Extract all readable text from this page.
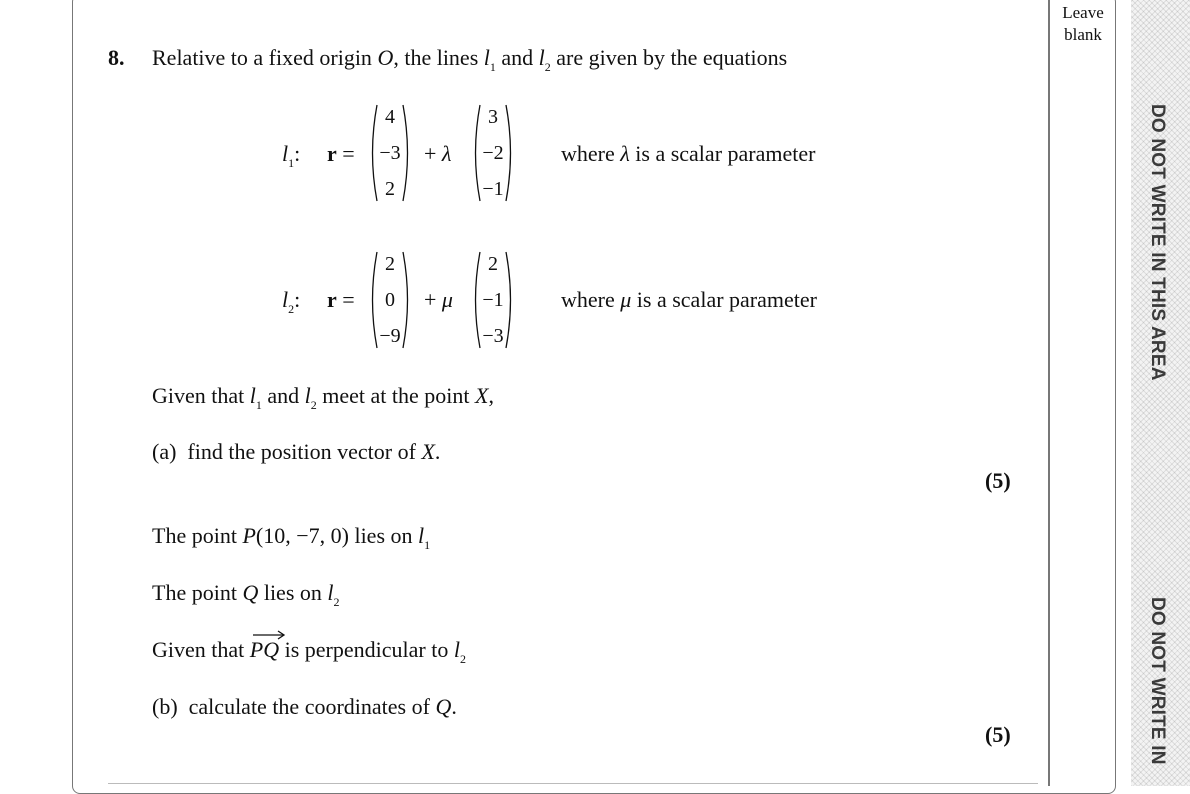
Leave
blank
DO NOT WRITE IN THIS AREA
DO NOT WRITE IN
8. Relative to a fixed origin O, the lines $l_1$ and $l_2$ are given by the equations
$l_1$: r =
4
−3
2
+ λ
3
−2
−1
where λ is a scalar parameter
$l_2$: r =
2
0
−9
+ μ
2
−1
−3
where μ is a scalar parameter
Given that $l_1$ and $l_2$ meet at the point X,
(a) find the position vector of X.
(5)
The point P(10, −7, 0) lies on $l_1$
The point Q lies on $l_2$
Given that
PQ is perpendicular to $l_2$
(b) calculate the coordinates of Q.
(5)
